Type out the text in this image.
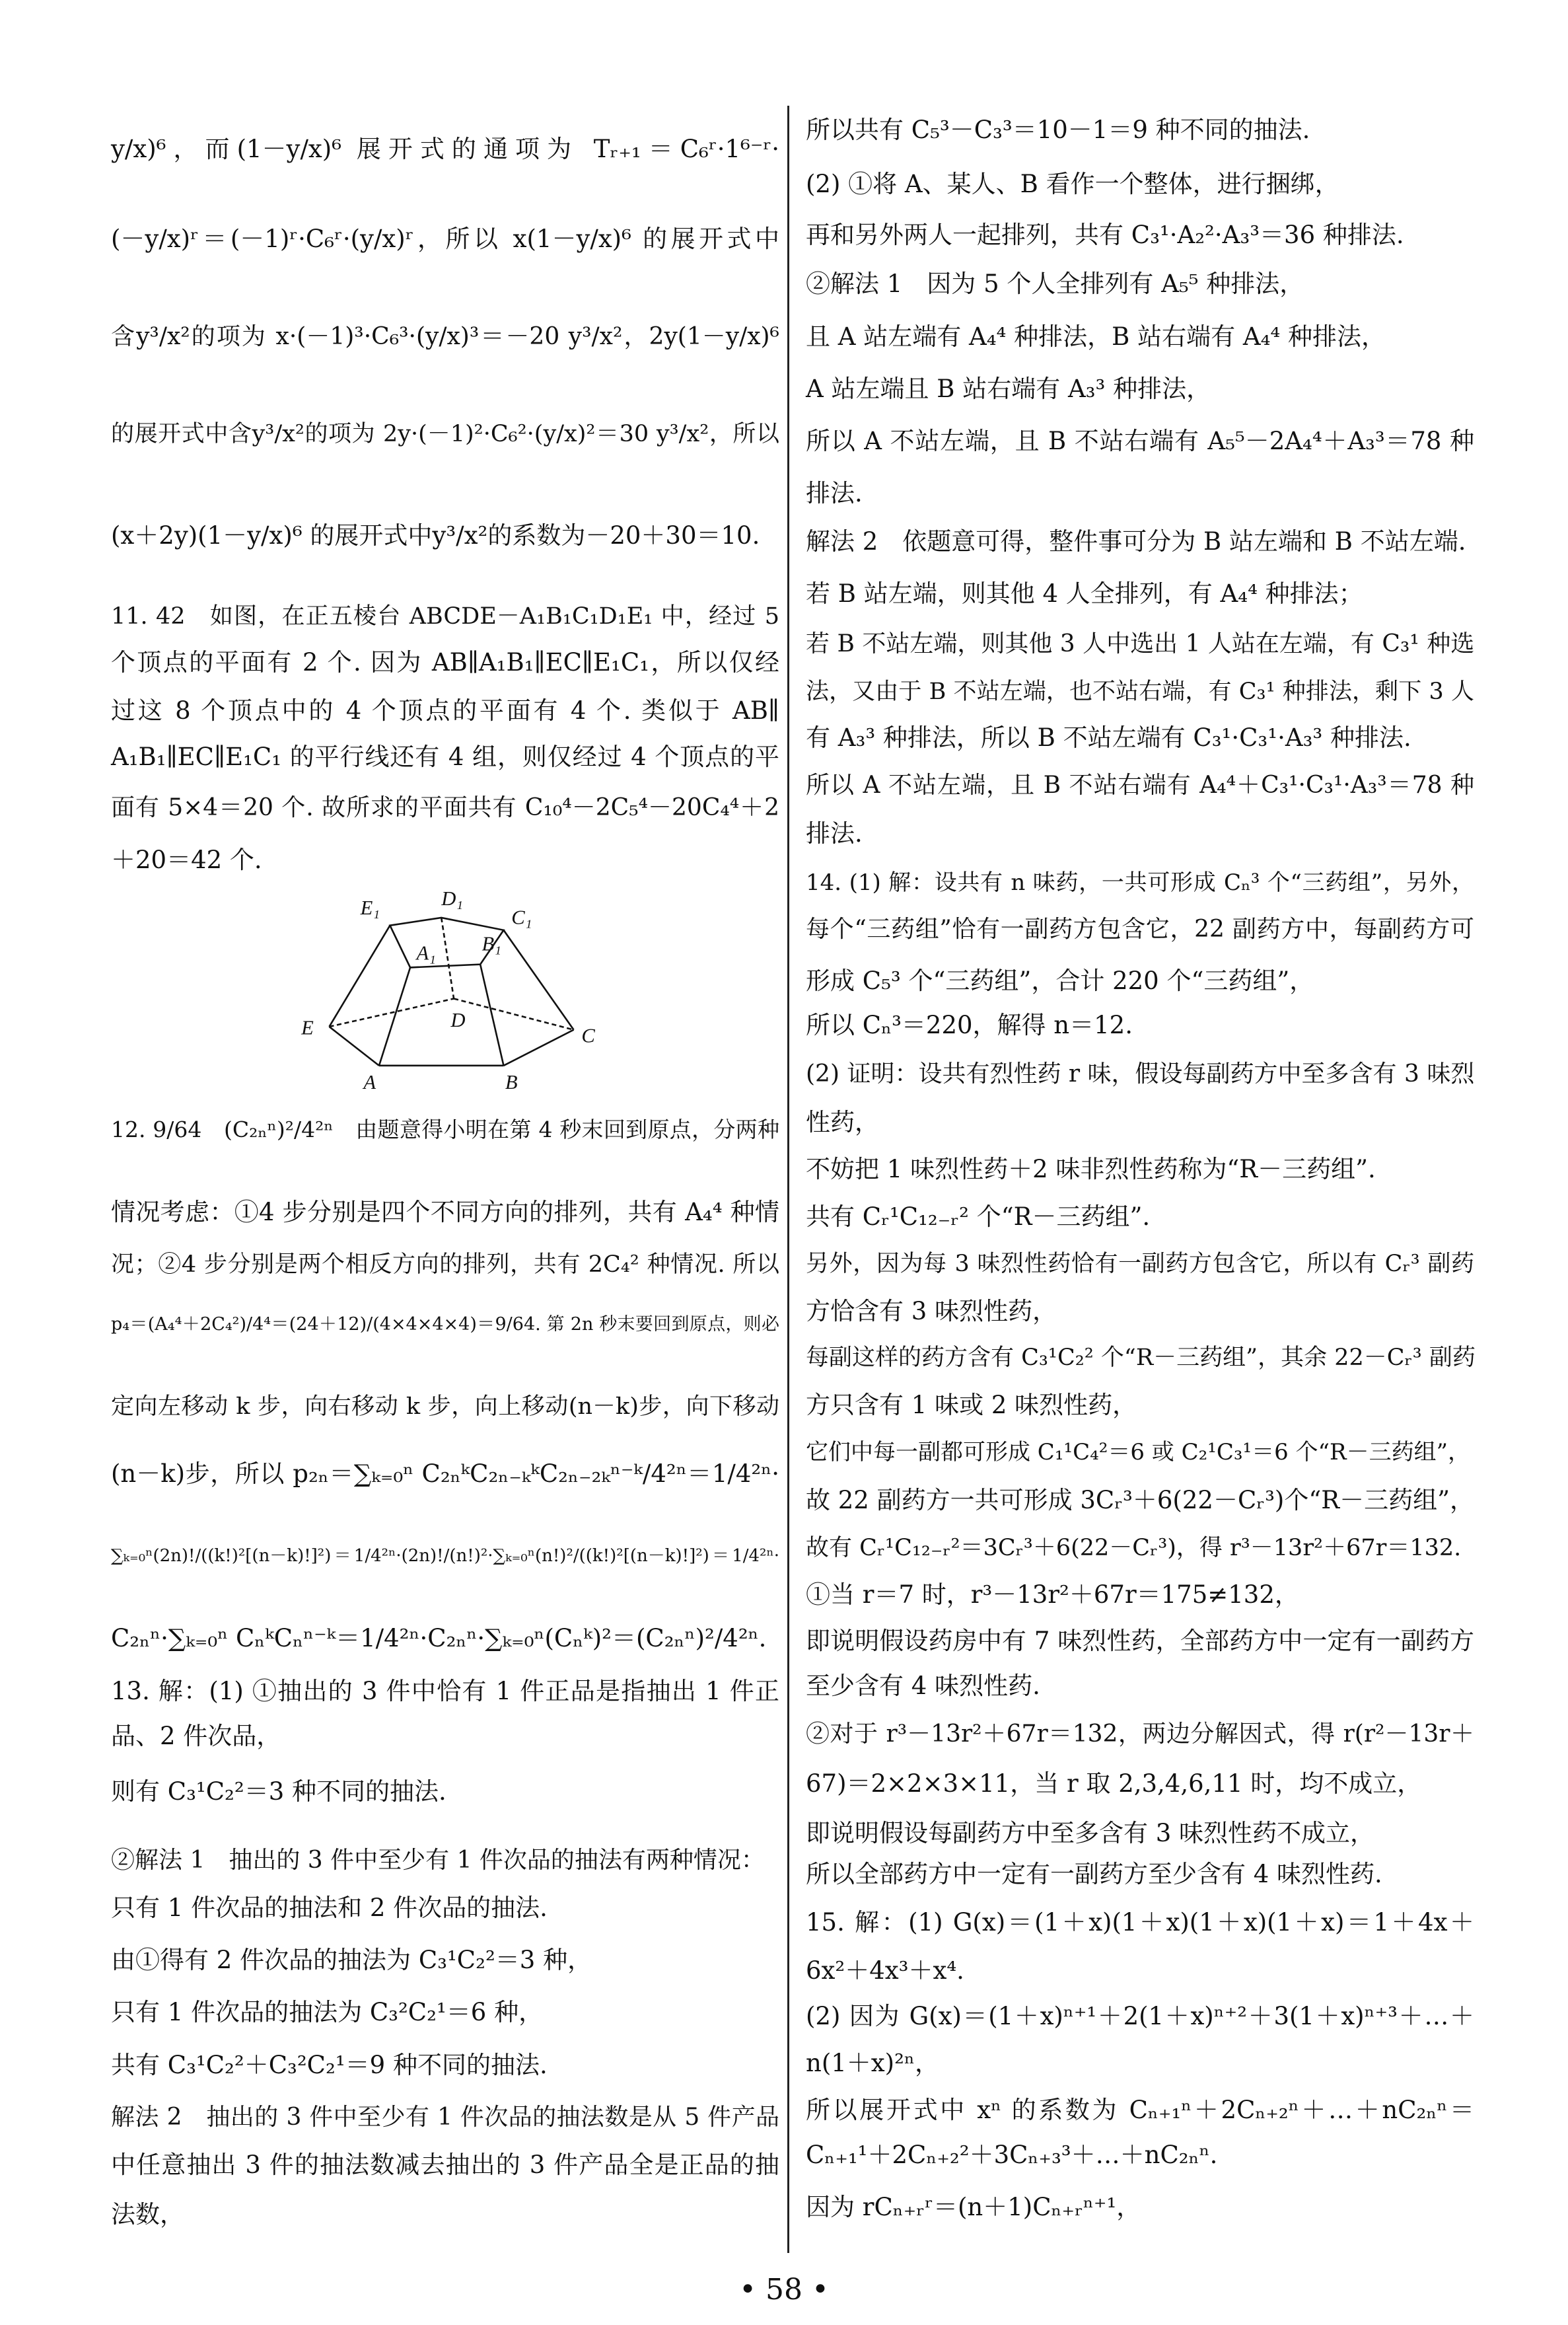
y/x)⁶，而(1－y/x)⁶ 展开式的通项为 Tᵣ₊₁＝C₆ʳ·1⁶⁻ʳ·
(－y/x)ʳ＝(－1)ʳ·C₆ʳ·(y/x)ʳ，所以 x(1－y/x)⁶ 的展开式中
含y³/x²的项为 x·(－1)³·C₆³·(y/x)³＝－20 y³/x²，2y(1－y/x)⁶
的展开式中含y³/x²的项为 2y·(－1)²·C₆²·(y/x)²＝30 y³/x²，所以
(x＋2y)(1－y/x)⁶ 的展开式中y³/x²的系数为－20＋30＝10.
11. 42　如图，在正五棱台 ABCDE－A₁B₁C₁D₁E₁ 中，经过 5
个顶点的平面有 2 个. 因为 AB∥A₁B₁∥EC∥E₁C₁，所以仅经
过这 8 个顶点中的 4 个顶点的平面有 4 个. 类似于 AB∥
A₁B₁∥EC∥E₁C₁ 的平行线还有 4 组，则仅经过 4 个顶点的平
面有 5×4＝20 个. 故所求的平面共有 C₁₀⁴－2C₅⁴－20C₄⁴＋2
＋20＝42 个.
12. 9/64　(C₂ₙⁿ)²/4²ⁿ　由题意得小明在第 4 秒末回到原点，分两种
情况考虑：①4 步分别是四个不同方向的排列，共有 A₄⁴ 种情
况；②4 步分别是两个相反方向的排列，共有 2C₄² 种情况. 所以
p₄＝(A₄⁴＋2C₄²)/4⁴＝(24＋12)/(4×4×4×4)＝9/64. 第 2n 秒末要回到原点，则必
定向左移动 k 步，向右移动 k 步，向上移动(n－k)步，向下移动
(n－k)步，所以 p₂ₙ＝∑ₖ₌₀ⁿ C₂ₙᵏC₂ₙ₋ₖᵏC₂ₙ₋₂ₖⁿ⁻ᵏ/4²ⁿ＝1/4²ⁿ·
∑ₖ₌₀ⁿ(2n)!/((k!)²[(n－k)!]²)＝1/4²ⁿ·(2n)!/(n!)²·∑ₖ₌₀ⁿ(n!)²/((k!)²[(n－k)!]²)＝1/4²ⁿ·
C₂ₙⁿ·∑ₖ₌₀ⁿ CₙᵏCₙⁿ⁻ᵏ＝1/4²ⁿ·C₂ₙⁿ·∑ₖ₌₀ⁿ(Cₙᵏ)²＝(C₂ₙⁿ)²/4²ⁿ.
13. 解：(1) ①抽出的 3 件中恰有 1 件正品是指抽出 1 件正
品、2 件次品，
则有 C₃¹C₂²＝3 种不同的抽法.
②解法 1　抽出的 3 件中至少有 1 件次品的抽法有两种情况：
只有 1 件次品的抽法和 2 件次品的抽法.
由①得有 2 件次品的抽法为 C₃¹C₂²＝3 种，
只有 1 件次品的抽法为 C₃²C₂¹＝6 种，
共有 C₃¹C₂²＋C₃²C₂¹＝9 种不同的抽法.
解法 2　抽出的 3 件中至少有 1 件次品的抽法数是从 5 件产品
中任意抽出 3 件的抽法数减去抽出的 3 件产品全是正品的抽
法数，
所以共有 C₅³－C₃³＝10－1＝9 种不同的抽法.
(2) ①将 A、某人、B 看作一个整体，进行捆绑，
再和另外两人一起排列，共有 C₃¹·A₂²·A₃³＝36 种排法.
②解法 1　因为 5 个人全排列有 A₅⁵ 种排法，
且 A 站左端有 A₄⁴ 种排法，B 站右端有 A₄⁴ 种排法，
A 站左端且 B 站右端有 A₃³ 种排法，
所以 A 不站左端，且 B 不站右端有 A₅⁵－2A₄⁴＋A₃³＝78 种
排法.
解法 2　依题意可得，整件事可分为 B 站左端和 B 不站左端.
若 B 站左端，则其他 4 人全排列，有 A₄⁴ 种排法；
若 B 不站左端，则其他 3 人中选出 1 人站在左端，有 C₃¹ 种选
法，又由于 B 不站左端，也不站右端，有 C₃¹ 种排法，剩下 3 人
有 A₃³ 种排法，所以 B 不站左端有 C₃¹·C₃¹·A₃³ 种排法.
所以 A 不站左端，且 B 不站右端有 A₄⁴＋C₃¹·C₃¹·A₃³＝78 种
排法.
14. (1) 解：设共有 n 味药，一共可形成 Cₙ³ 个“三药组”，另外，
每个“三药组”恰有一副药方包含它，22 副药方中，每副药方可
形成 C₅³ 个“三药组”，合计 220 个“三药组”，
所以 Cₙ³＝220，解得 n＝12.
(2) 证明：设共有烈性药 r 味，假设每副药方中至多含有 3 味烈
性药，
不妨把 1 味烈性药＋2 味非烈性药称为“R－三药组”.
共有 Cᵣ¹C₁₂₋ᵣ² 个“R－三药组”.
另外，因为每 3 味烈性药恰有一副药方包含它，所以有 Cᵣ³ 副药
方恰含有 3 味烈性药，
每副这样的药方含有 C₃¹C₂² 个“R－三药组”，其余 22－Cᵣ³ 副药
方只含有 1 味或 2 味烈性药，
它们中每一副都可形成 C₁¹C₄²＝6 或 C₂¹C₃¹＝6 个“R－三药组”，
故 22 副药方一共可形成 3Cᵣ³＋6(22－Cᵣ³)个“R－三药组”，
故有 Cᵣ¹C₁₂₋ᵣ²＝3Cᵣ³＋6(22－Cᵣ³)，得 r³－13r²＋67r＝132.
①当 r＝7 时，r³－13r²＋67r＝175≠132，
即说明假设药房中有 7 味烈性药，全部药方中一定有一副药方
至少含有 4 味烈性药.
②对于 r³－13r²＋67r＝132，两边分解因式，得 r(r²－13r＋
67)＝2×2×3×11，当 r 取 2,3,4,6,11 时，均不成立，
即说明假设每副药方中至多含有 3 味烈性药不成立，
所以全部药方中一定有一副药方至少含有 4 味烈性药.
15. 解：(1) G(x)＝(1＋x)(1＋x)(1＋x)(1＋x)＝1＋4x＋
6x²＋4x³＋x⁴.
(2) 因为 G(x)＝(1＋x)ⁿ⁺¹＋2(1＋x)ⁿ⁺²＋3(1＋x)ⁿ⁺³＋…＋
n(1＋x)²ⁿ，
所以展开式中 xⁿ 的系数为 Cₙ₊₁ⁿ＋2Cₙ₊₂ⁿ＋…＋nC₂ₙⁿ＝
Cₙ₊₁¹＋2Cₙ₊₂²＋3Cₙ₊₃³＋…＋nC₂ₙⁿ.
因为 rCₙ₊ᵣʳ＝(n＋1)Cₙ₊ᵣⁿ⁺¹，
E₁	D₁
C₁
A₁	B₁
E	D
C
A	B
• 58 •
